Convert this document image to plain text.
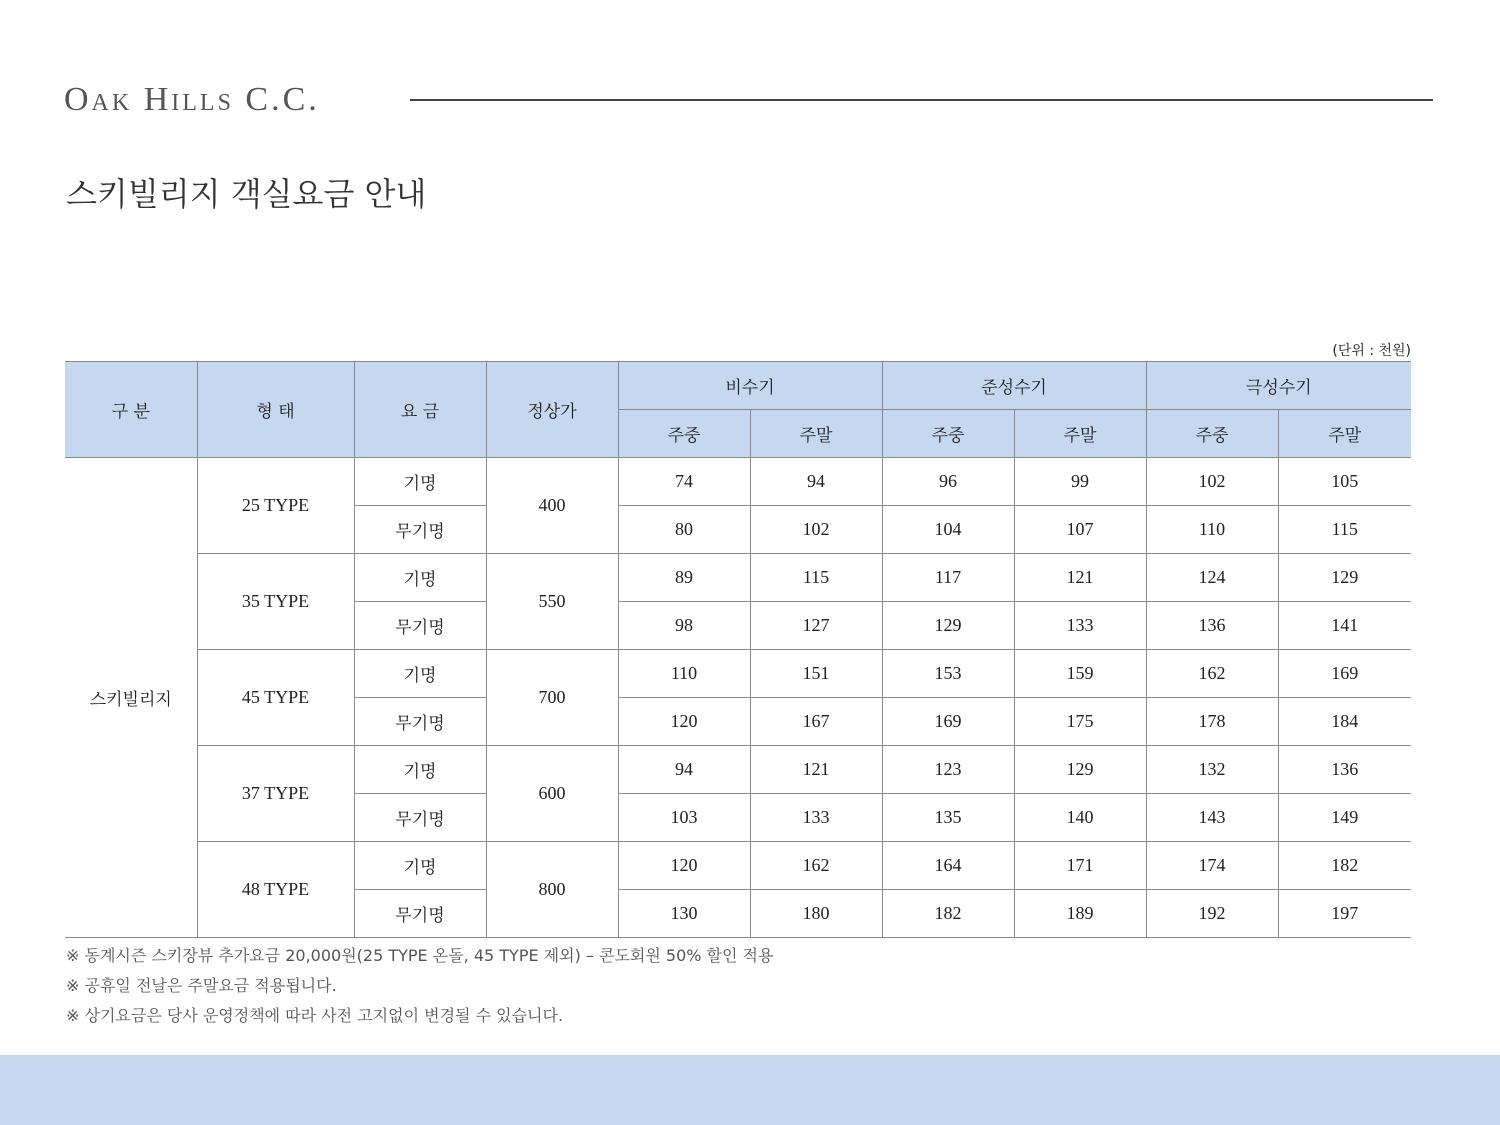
Oak Hills C.C.
스키빌리지 객실요금 안내
(단위 : 천원)
구 분	형 태	요 금	정상가	비수기		준성수기		극성수기	
				주중	주말	주중	주말	주중	주말
스키빌리지	25 TYPE	기명	400	74	94	96	99	102	105
		무기명		80	102	104	107	110	115
	35 TYPE	기명	550	89	115	117	121	124	129
		무기명		98	127	129	133	136	141
	45 TYPE	기명	700	110	151	153	159	162	169
		무기명		120	167	169	175	178	184
	37 TYPE	기명	600	94	121	123	129	132	136
		무기명		103	133	135	140	143	149
	48 TYPE	기명	800	120	162	164	171	174	182
		무기명		130	180	182	189	192	197
※ 동계시즌 스키장뷰 추가요금 20,000원(25 TYPE 온돌, 45 TYPE 제외) – 콘도회원 50% 할인 적용
※ 공휴일 전날은 주말요금 적용됩니다.
※ 상기요금은 당사 운영정책에 따라 사전 고지없이 변경될 수 있습니다.
